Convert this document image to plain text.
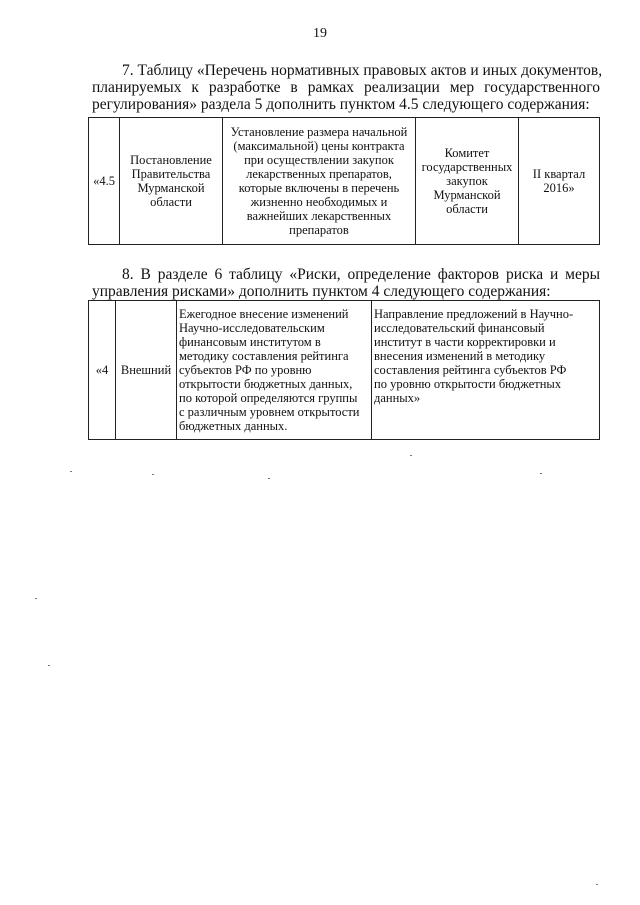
19
7. Таблицу «Перечень нормативных правовых актов и иных документов,
планируемых к разработке в рамках реализации мер государственного
регулирования» раздела 5 дополнить пунктом 4.5 следующего содержания:
«4.5	Постановление
Правительства
Мурманской
области	Установление размера начальной
(максимальной) цены контракта
при осуществлении закупок
лекарственных препаратов,
которые включены в перечень
жизненно необходимых и
важнейших лекарственных
препаратов	Комитет
государственных
закупок
Мурманской
области	II квартал
2016»
8. В разделе 6 таблицу «Риски, определение факторов риска и меры
управления рисками» дополнить пунктом 4 следующего содержания:
«4	Внешний	Ежегодное внесение изменений
Научно-исследовательским
финансовым институтом в
методику составления рейтинга
субъектов РФ по уровню
открытости бюджетных данных,
по которой определяются группы
с различным уровнем открытости
бюджетных данных.	Направление предложений в Научно-
исследовательский финансовый
институт в части корректировки и
внесения изменений в методику
составления рейтинга субъектов РФ
по уровню открытости бюджетных
данных»
